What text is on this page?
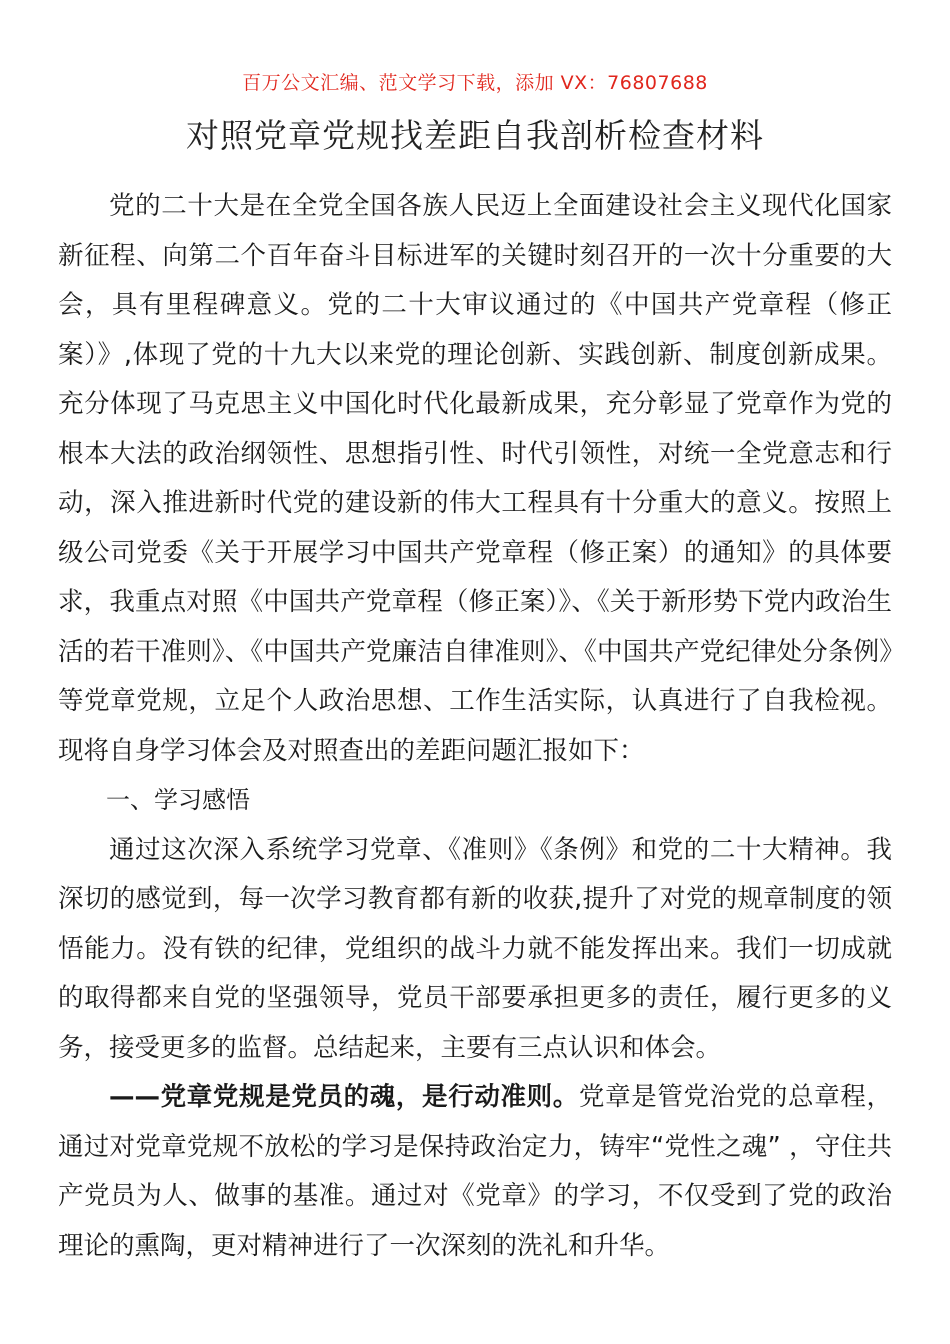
百万公文汇编、范文学习下载，添加 VX：76807688
对照党章党规找差距自我剖析检查材料

党的二十大是在全党全国各族人民迈上全面建设社会主义现代化国家新征程、向第二个百年奋斗目标进军的关键时刻召开的一次十分重要的大会，具有里程碑意义。党的二十大审议通过的《中国共产党章程（修正案）》,体现了党的十九大以来党的理论创新、实践创新、制度创新成果。充分体现了马克思主义中国化时代化最新成果，充分彰显了党章作为党的根本大法的政治纲领性、思想指引性、时代引领性，对统一全党意志和行动，深入推进新时代党的建设新的伟大工程具有十分重大的意义。按照上级公司党委《关于开展学习中国共产党章程（修正案）的通知》的具体要求，我重点对照《中国共产党章程（修正案）》、《关于新形势下党内政治生活的若干准则》、《中国共产党廉洁自律准则》、《中国共产党纪律处分条例》等党章党规，立足个人政治思想、工作生活实际，认真进行了自我检视。现将自身学习体会及对照查出的差距问题汇报如下：

一、学习感悟

通过这次深入系统学习党章、《准则》《条例》和党的二十大精神。我深切的感觉到，每一次学习教育都有新的收获,提升了对党的规章制度的领悟能力。没有铁的纪律，党组织的战斗力就不能发挥出来。我们一切成就的取得都来自党的坚强领导，党员干部要承担更多的责任，履行更多的义务，接受更多的监督。总结起来，主要有三点认识和体会。

——党章党规是党员的魂，是行动准则。党章是管党治党的总章程，通过对党章党规不放松的学习是保持政治定力，铸牢“党性之魂” ，守住共产党员为人、做事的基准。通过对《党章》的学习，不仅受到了党的政治理论的熏陶，更对精神进行了一次深刻的洗礼和升华。
